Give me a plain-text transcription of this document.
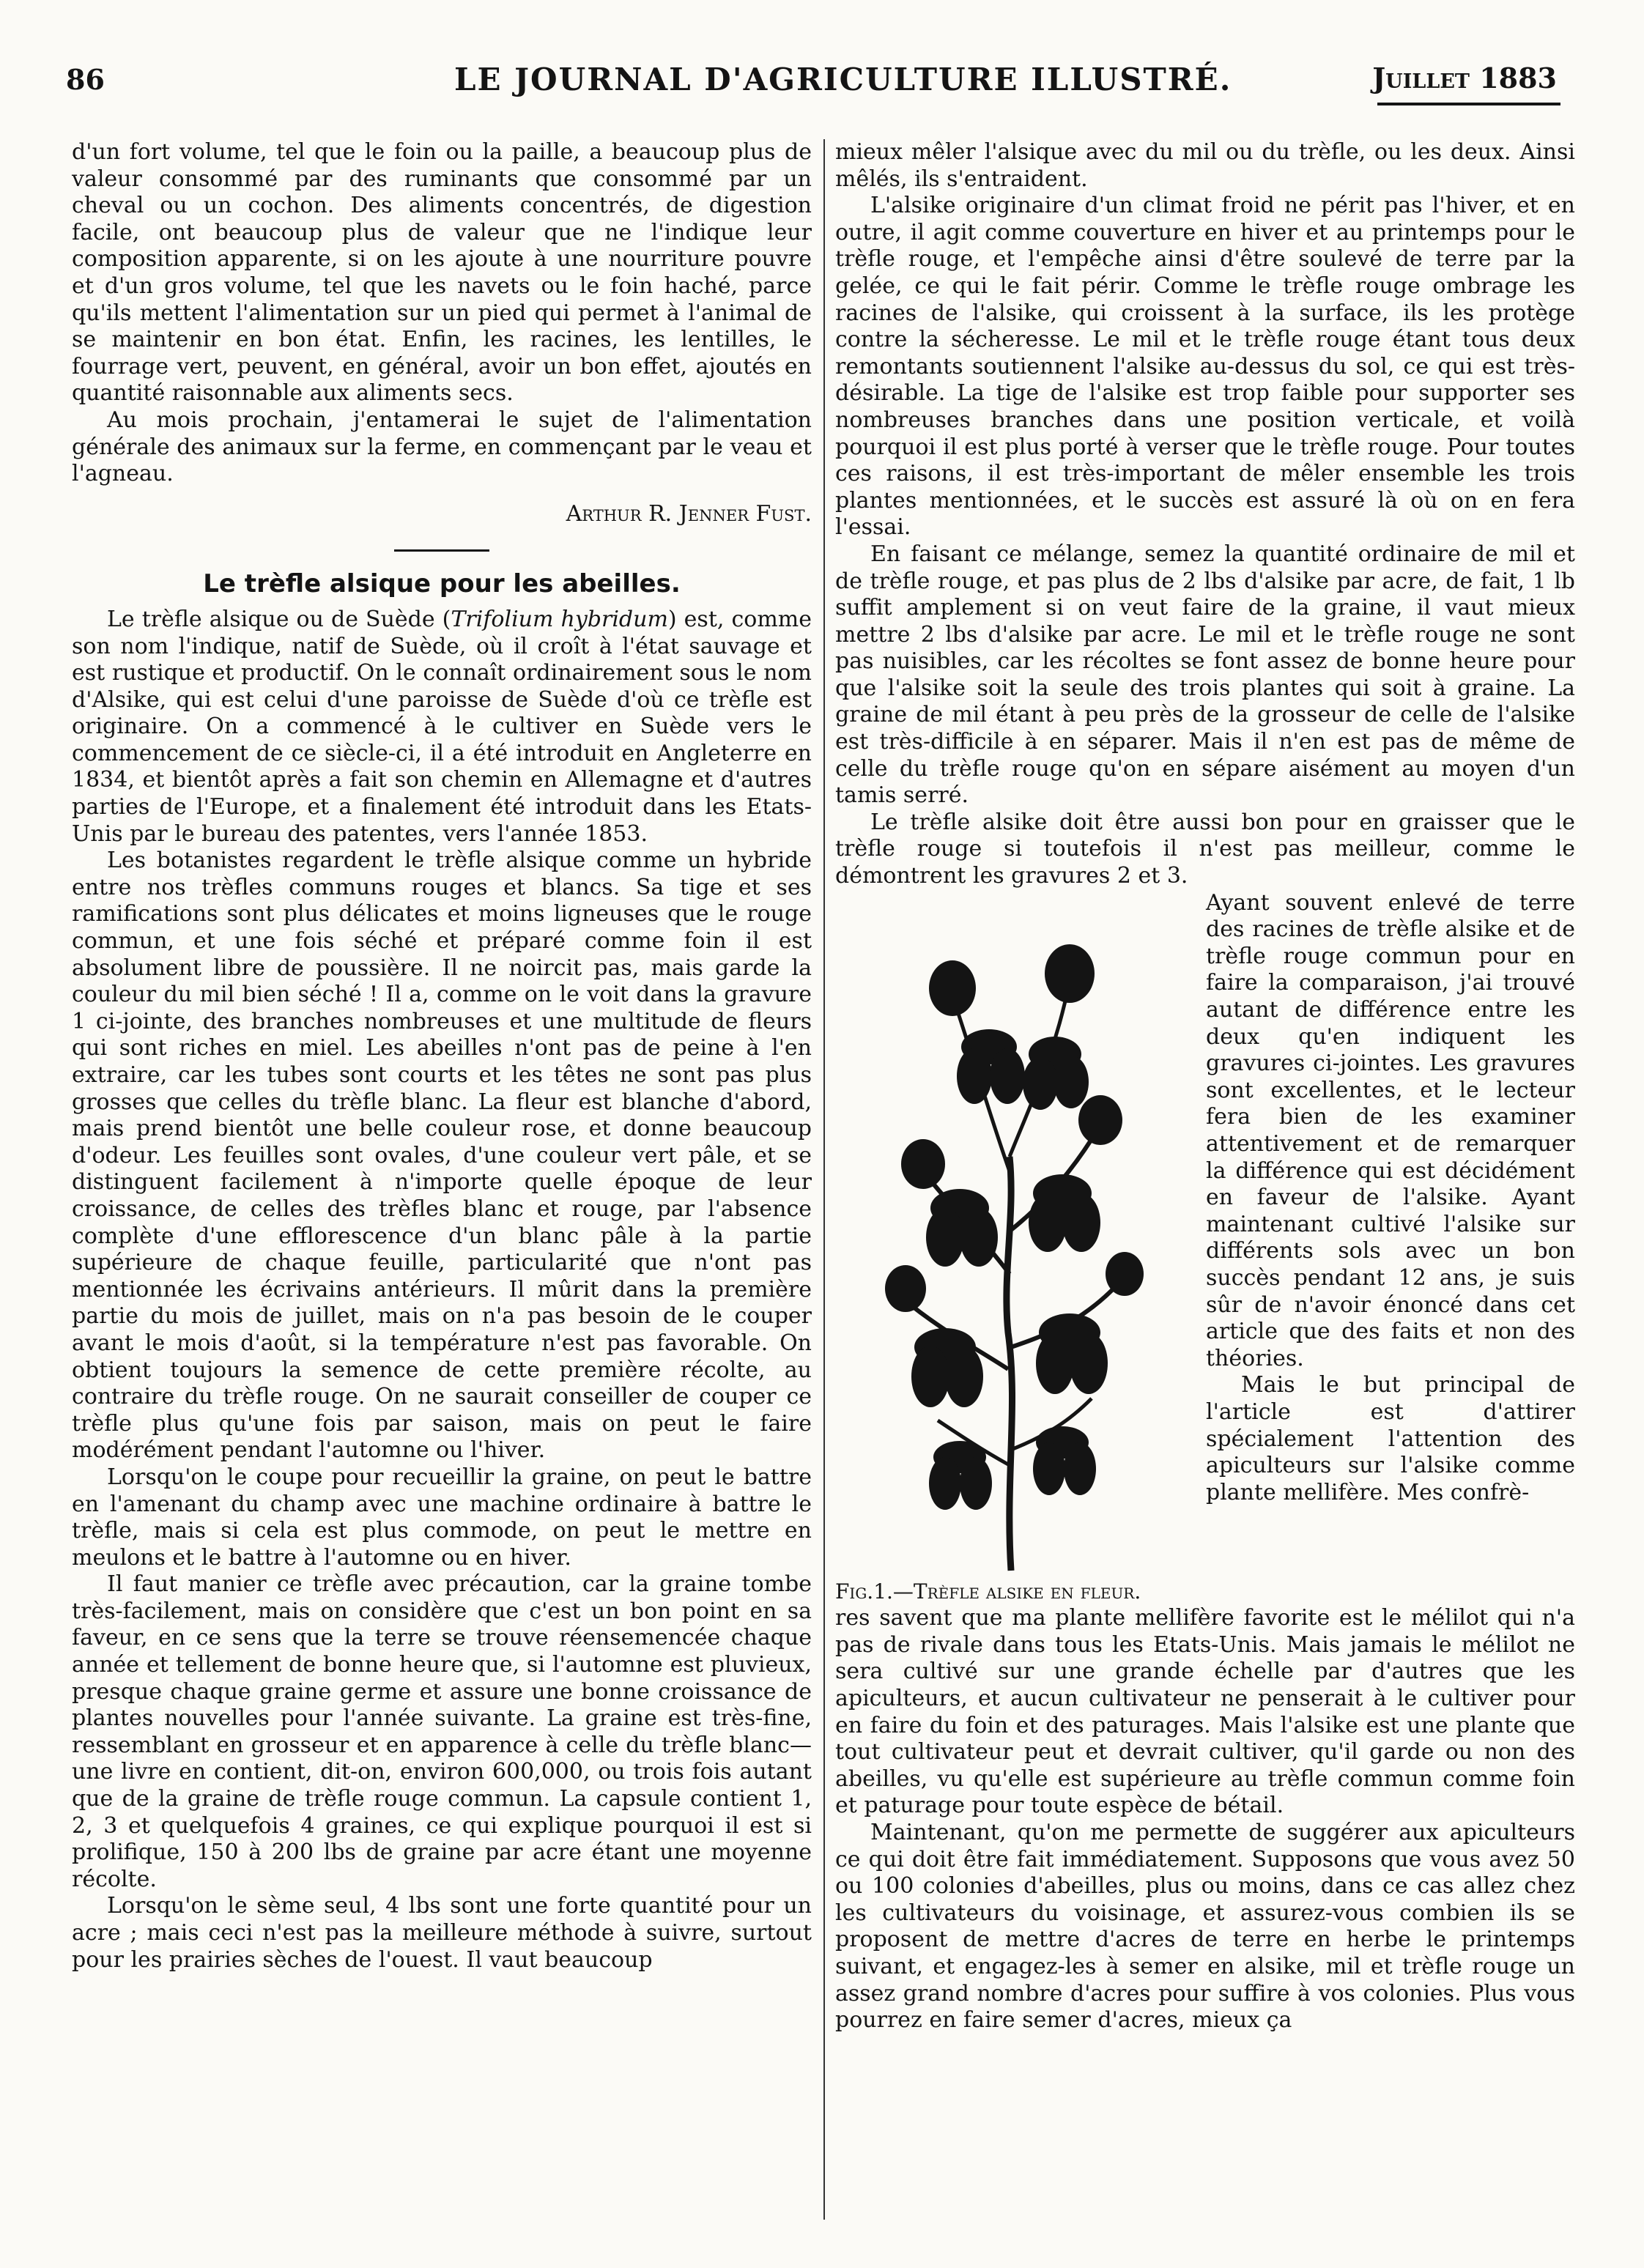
86	LE JOURNAL D'AGRICULTURE ILLUSTRÉ.	Juillet 1883

d'un fort volume, tel que le foin ou la paille, a beaucoup plus de valeur consommé par des ruminants que consommé par un cheval ou un cochon. Des aliments concentrés, de digestion facile, ont beaucoup plus de valeur que ne l'indique leur composition apparente, si on les ajoute à une nourriture pouvre et d'un gros volume, tel que les navets ou le foin haché, parce qu'ils mettent l'alimentation sur un pied qui permet à l'animal de se maintenir en bon état. Enfin, les racines, les lentilles, le fourrage vert, peuvent, en général, avoir un bon effet, ajoutés en quantité raisonnable aux aliments secs.

Au mois prochain, j'entamerai le sujet de l'alimentation générale des animaux sur la ferme, en commençant par le veau et l'agneau.

Arthur R. Jenner Fust.
Le trèfle alsique pour les abeilles.

Le trèfle alsique ou de Suède (Trifolium hybridum) est, comme son nom l'indique, natif de Suède, où il croît à l'état sauvage et est rustique et productif. On le connaît ordinairement sous le nom d'Alsike, qui est celui d'une paroisse de Suède d'où ce trèfle est originaire. On a commencé à le cultiver en Suède vers le commencement de ce siècle-ci, il a été introduit en Angleterre en 1834, et bientôt après a fait son chemin en Allemagne et d'autres parties de l'Europe, et a finalement été introduit dans les Etats-Unis par le bureau des patentes, vers l'année 1853.

Les botanistes regardent le trèfle alsique comme un hybride entre nos trèfles communs rouges et blancs. Sa tige et ses ramifications sont plus délicates et moins ligneuses que le rouge commun, et une fois séché et préparé comme foin il est absolument libre de poussière. Il ne noircit pas, mais garde la couleur du mil bien séché ! Il a, comme on le voit dans la gravure 1 ci-jointe, des branches nombreuses et une multitude de fleurs qui sont riches en miel. Les abeilles n'ont pas de peine à l'en extraire, car les tubes sont courts et les têtes ne sont pas plus grosses que celles du trèfle blanc. La fleur est blanche d'abord, mais prend bientôt une belle couleur rose, et donne beaucoup d'odeur. Les feuilles sont ovales, d'une couleur vert pâle, et se distinguent facilement à n'importe quelle époque de leur croissance, de celles des trèfles blanc et rouge, par l'absence complète d'une efflorescence d'un blanc pâle à la partie supérieure de chaque feuille, particularité que n'ont pas mentionnée les écrivains antérieurs. Il mûrit dans la première partie du mois de juillet, mais on n'a pas besoin de le couper avant le mois d'août, si la température n'est pas favorable. On obtient toujours la semence de cette première récolte, au contraire du trèfle rouge. On ne saurait conseiller de couper ce trèfle plus qu'une fois par saison, mais on peut le faire modérément pendant l'automne ou l'hiver.

Lorsqu'on le coupe pour recueillir la graine, on peut le battre en l'amenant du champ avec une machine ordinaire à battre le trèfle, mais si cela est plus commode, on peut le mettre en meulons et le battre à l'automne ou en hiver.

Il faut manier ce trèfle avec précaution, car la graine tombe très-facilement, mais on considère que c'est un bon point en sa faveur, en ce sens que la terre se trouve réensemencée chaque année et tellement de bonne heure que, si l'automne est pluvieux, presque chaque graine germe et assure une bonne croissance de plantes nouvelles pour l'année suivante. La graine est très-fine, ressemblant en grosseur et en apparence à celle du trèfle blanc—une livre en contient, dit-on, environ 600,000, ou trois fois autant que de la graine de trèfle rouge commun. La capsule contient 1, 2, 3 et quelquefois 4 graines, ce qui explique pourquoi il est si prolifique, 150 à 200 lbs de graine par acre étant une moyenne récolte.

Lorsqu'on le sème seul, 4 lbs sont une forte quantité pour un acre ; mais ceci n'est pas la meilleure méthode à suivre, surtout pour les prairies sèches de l'ouest. Il vaut beaucoup

mieux mêler l'alsique avec du mil ou du trèfle, ou les deux. Ainsi mêlés, ils s'entraident.

L'alsike originaire d'un climat froid ne périt pas l'hiver, et en outre, il agit comme couverture en hiver et au printemps pour le trèfle rouge, et l'empêche ainsi d'être soulevé de terre par la gelée, ce qui le fait périr. Comme le trèfle rouge ombrage les racines de l'alsike, qui croissent à la surface, ils les protège contre la sécheresse. Le mil et le trèfle rouge étant tous deux remontants soutiennent l'alsike au-dessus du sol, ce qui est très-désirable. La tige de l'alsike est trop faible pour supporter ses nombreuses branches dans une position verticale, et voilà pourquoi il est plus porté à verser que le trèfle rouge. Pour toutes ces raisons, il est très-important de mêler ensemble les trois plantes mentionnées, et le succès est assuré là où on en fera l'essai.

En faisant ce mélange, semez la quantité ordinaire de mil et de trèfle rouge, et pas plus de 2 lbs d'alsike par acre, de fait, 1 lb suffit amplement si on veut faire de la graine, il vaut mieux mettre 2 lbs d'alsike par acre. Le mil et le trèfle rouge ne sont pas nuisibles, car les récoltes se font assez de bonne heure pour que l'alsike soit la seule des trois plantes qui soit à graine. La graine de mil étant à peu près de la grosseur de celle de l'alsike est très-difficile à en séparer. Mais il n'en est pas de même de celle du trèfle rouge qu'on en sépare aisément au moyen d'un tamis serré.

Le trèfle alsike doit être aussi bon pour en graisser que le trèfle rouge si toutefois il n'est pas meilleur, comme le démontrent les gravures 2 et 3.

Ayant souvent enlevé de terre des racines de trèfle alsike et de trèfle rouge commun pour en faire la comparaison, j'ai trouvé autant de différence entre les deux qu'en indiquent les gravures ci-jointes. Les gravures sont excellentes, et le lecteur fera bien de les examiner attentivement et de remarquer la différence qui est décidément en faveur de l'alsike. Ayant maintenant cultivé l'alsike sur différents sols avec un bon succès pendant 12 ans, je suis sûr de n'avoir énoncé dans cet article que des faits et non des théories.

Mais le but principal de l'article est d'attirer spécialement l'attention des apiculteurs sur l'alsike comme plante mellifère. Mes confrè-

Fig.1.—Trèfle alsike en fleur.

res savent que ma plante mellifère favorite est le mélilot qui n'a pas de rivale dans tous les Etats-Unis. Mais jamais le mélilot ne sera cultivé sur une grande échelle par d'autres que les apiculteurs, et aucun cultivateur ne penserait à le cultiver pour en faire du foin et des paturages. Mais l'alsike est une plante que tout cultivateur peut et devrait cultiver, qu'il garde ou non des abeilles, vu qu'elle est supérieure au trèfle commun comme foin et paturage pour toute espèce de bétail.

Maintenant, qu'on me permette de suggérer aux apiculteurs ce qui doit être fait immédiatement. Supposons que vous avez 50 ou 100 colonies d'abeilles, plus ou moins, dans ce cas allez chez les cultivateurs du voisinage, et assurez-vous combien ils se proposent de mettre d'acres de terre en herbe le printemps suivant, et engagez-les à semer en alsike, mil et trèfle rouge un assez grand nombre d'acres pour suffire à vos colonies. Plus vous pourrez en faire semer d'acres, mieux ça
